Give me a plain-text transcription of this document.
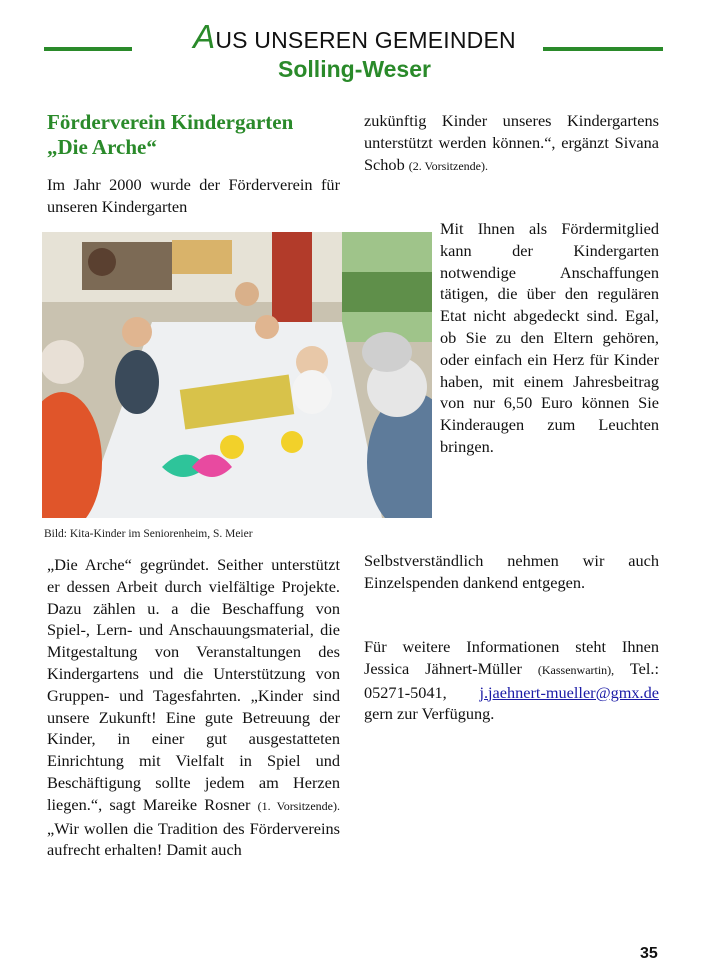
AUS UNSEREN GEMEINDEN
Solling-Weser
Förderverein Kindergarten
„Die Arche“
Im Jahr 2000 wurde der Förderverein für unseren Kindergarten
Bild: Kita-Kinder im Seniorenheim, S. Meier
„Die Arche“ gegründet. Seither unterstützt er dessen Arbeit durch vielfältige Projekte. Dazu zählen u. a die Beschaffung von Spiel-, Lern- und Anschauungsmaterial, die Mitgestaltung von Veranstaltungen des Kindergartens und die Unterstützung von Gruppen- und Tagesfahrten. „Kinder sind unsere Zukunft! Eine gute Betreuung der Kinder, in einer gut ausgestatteten Einrichtung mit Vielfalt in Spiel und Beschäftigung sollte jedem am Herzen liegen.“, sagt Mareike Rosner (1. Vorsitzende). „Wir wollen die Tradition des Fördervereins aufrecht erhalten! Damit auch
zukünftig Kinder unseres Kindergartens unterstützt werden können.“, ergänzt Sivana Schob (2. Vorsitzende).
Mit Ihnen als Fördermitglied kann der Kindergarten notwendige Anschaffungen tätigen, die über den regulären Etat nicht abgedeckt sind. Egal, ob Sie zu den Eltern gehören, oder einfach ein Herz für Kinder haben, mit einem Jahresbeitrag von nur 6,50 Euro können Sie Kinderaugen zum Leuchten bringen.
Selbstverständlich nehmen wir auch Einzelspenden dankend entgegen.
Für weitere Informationen steht Ihnen Jessica Jähnert-Müller (Kassenwartin), Tel.: 05271-5041, j.jaehnert-mueller@gmx.de gern zur Verfügung.
35
